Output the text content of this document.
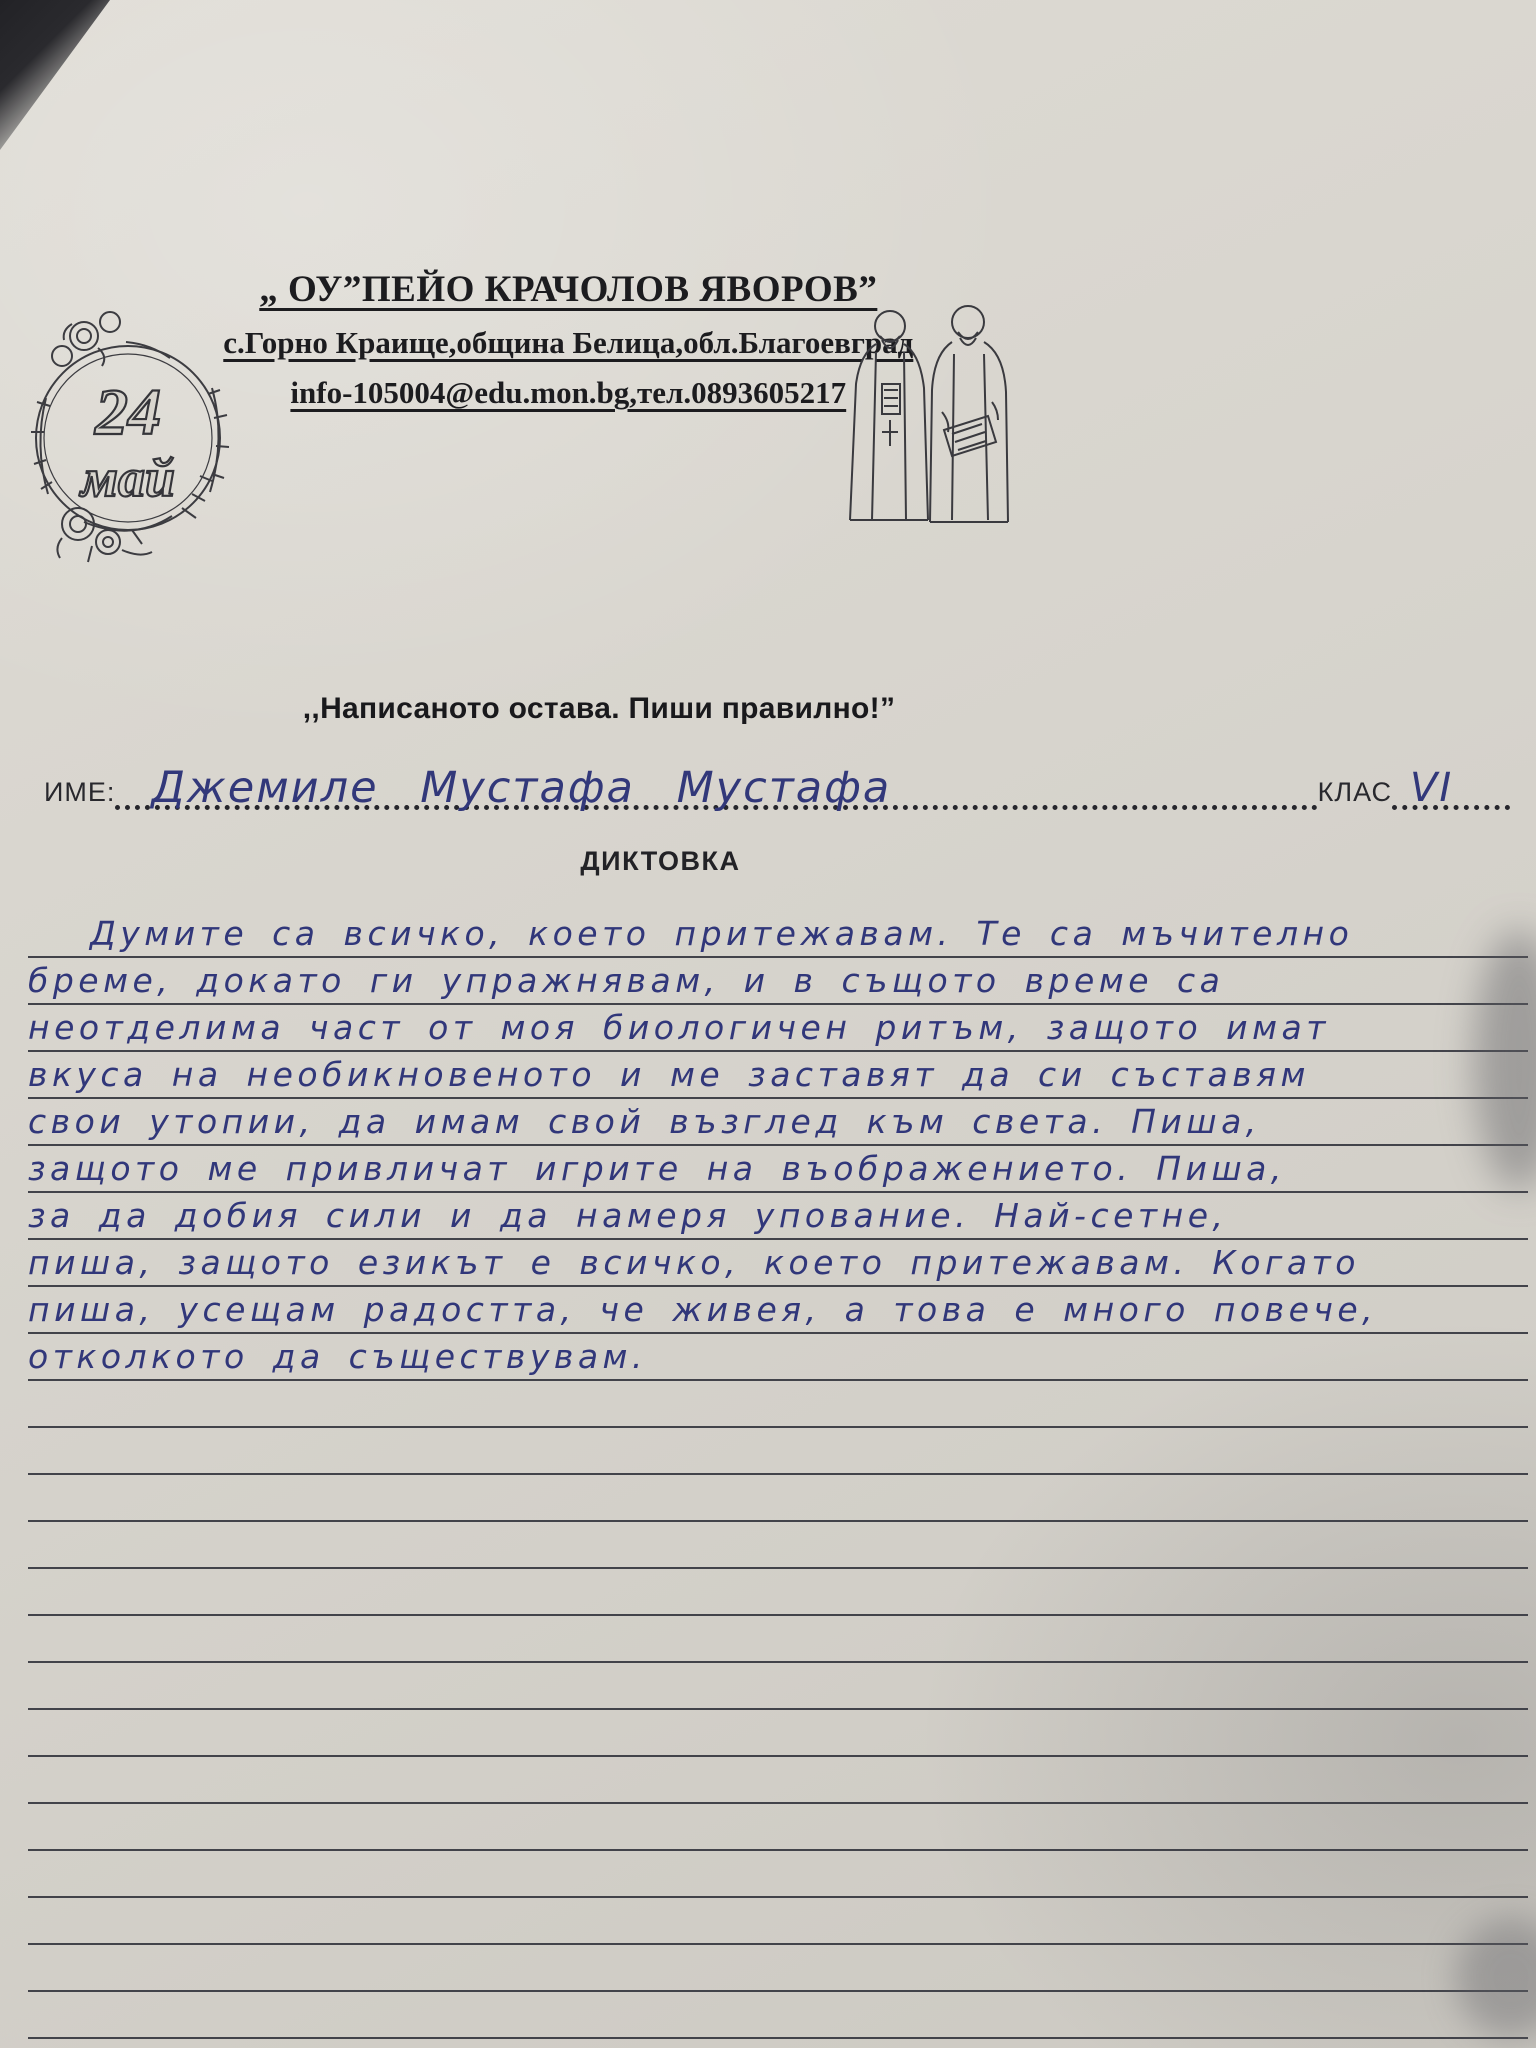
„ ОУ”ПЕЙО КРАЧОЛОВ ЯВОРОВ”
с.Горно Краище,община Белица,обл.Благоевград
info-105004@edu.mon.bg,тел.0893605217
24
май
,,Написаното остава. Пиши правилно!”
ИМЕ: Джемиле Мустафа Мустафа	КЛАС VI
ДИКТОВКА
Думите са всичко, което притежавам. Те са мъчително
бреме, докато ги упражнявам, и в същото време са
неотделима част от моя биологичен ритъм, защото имат
вкуса на необикновеното и ме заставят да си съставям
свои утопии, да имам свой възглед към света. Пиша,
защото ме привличат игрите на въображението. Пиша,
за да добия сили и да намеря упование. Най-сетне,
пиша, защото езикът е всичко, което притежавам. Когато
пиша, усещам радостта, че живея, а това е много повече,
отколкото да съществувам.
